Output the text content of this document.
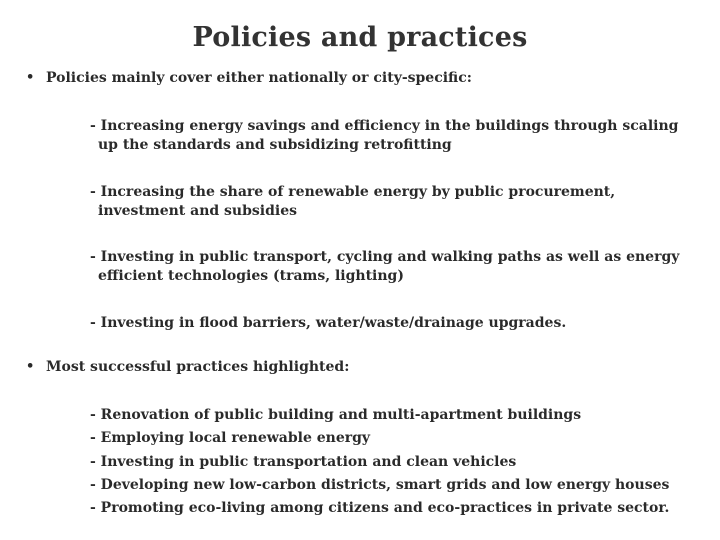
Policies and practices
• Policies mainly cover either nationally or city-specific:
- Increasing energy savings and efficiency in the buildings through scaling
up the standards and subsidizing retrofitting
- Increasing the share of renewable energy by public procurement,
investment and subsidies
- Investing in public transport, cycling and walking paths as well as energy
efficient technologies (trams, lighting)
- Investing in flood barriers, water/waste/drainage upgrades.
• Most successful practices highlighted:
- Renovation of public building and multi-apartment buildings
- Employing local renewable energy
- Investing in public transportation and clean vehicles
- Developing new low-carbon districts, smart grids and low energy houses
- Promoting eco-living among citizens and eco-practices in private sector.
